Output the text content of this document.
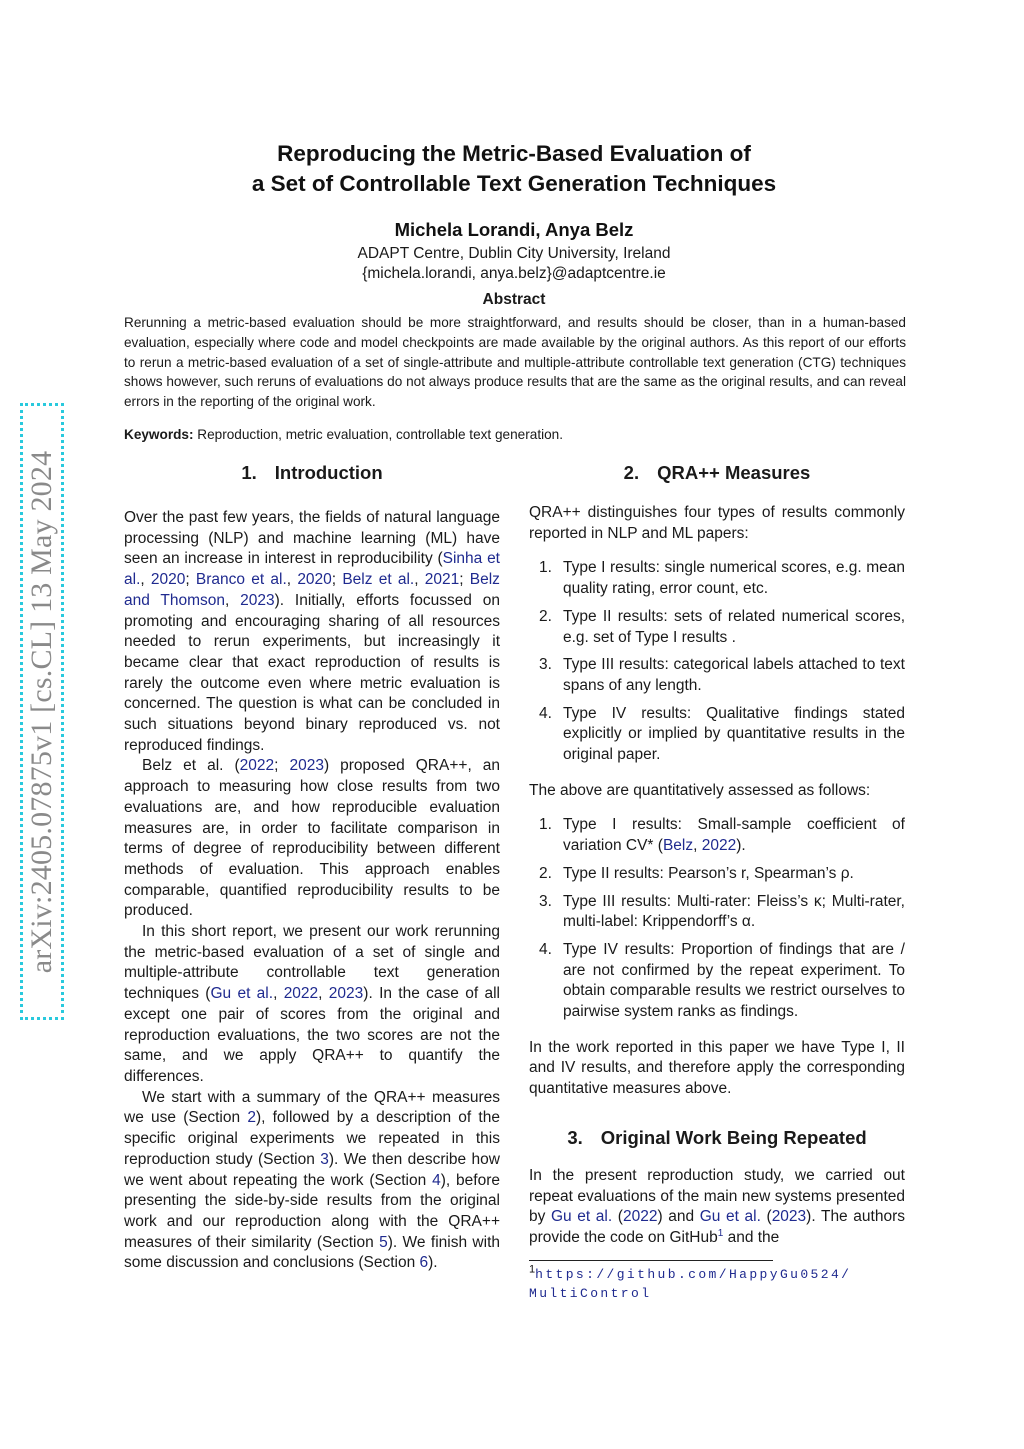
arXiv:2405.07875v1 [cs.CL] 13 May 2024
Reproducing the Metric-Based Evaluation of
a Set of Controllable Text Generation Techniques
Michela Lorandi, Anya Belz
ADAPT Centre, Dublin City University, Ireland
{michela.lorandi, anya.belz}@adaptcentre.ie
Abstract
Rerunning a metric-based evaluation should be more straightforward, and results should be closer, than in a human-based evaluation, especially where code and model checkpoints are made available by the original authors. As this report of our efforts to rerun a metric-based evaluation of a set of single-attribute and multiple-attribute controllable text generation (CTG) techniques shows however, such reruns of evaluations do not always produce results that are the same as the original results, and can reveal errors in the reporting of the original work.
Keywords: Reproduction, metric evaluation, controllable text generation.
1. Introduction

Over the past few years, the fields of natural language processing (NLP) and machine learning (ML) have seen an increase in interest in reproducibility (Sinha et al., 2020; Branco et al., 2020; Belz et al., 2021; Belz and Thomson, 2023). Initially, efforts focussed on promoting and encouraging sharing of all resources needed to rerun experiments, but increasingly it became clear that exact reproduction of results is rarely the outcome even where metric evaluation is concerned. The question is what can be concluded in such situations beyond binary reproduced vs. not reproduced findings.

Belz et al. (2022; 2023) proposed QRA++, an approach to measuring how close results from two evaluations are, and how reproducible evaluation measures are, in order to facilitate comparison in terms of degree of reproducibility between different methods of evaluation. This approach enables comparable, quantified reproducibility results to be produced.

In this short report, we present our work rerunning the metric-based evaluation of a set of single and multiple-attribute controllable text generation techniques (Gu et al., 2022, 2023). In the case of all except one pair of scores from the original and reproduction evaluations, the two scores are not the same, and we apply QRA++ to quantify the differences.

We start with a summary of the QRA++ measures we use (Section 2), followed by a description of the specific original experiments we repeated in this reproduction study (Section 3). We then describe how we went about repeating the work (Section 4), before presenting the side-by-side results from the original work and our reproduction along with the QRA++ measures of their similarity (Section 5). We finish with some discussion and conclusions (Section 6).

2. QRA++ Measures

QRA++ distinguishes four types of results commonly reported in NLP and ML papers:

1. Type I results: single numerical scores, e.g. mean quality rating, error count, etc.
2. Type II results: sets of related numerical scores, e.g. set of Type I results .
3. Type III results: categorical labels attached to text spans of any length.
4. Type IV results: Qualitative findings stated explicitly or implied by quantitative results in the original paper.

The above are quantitatively assessed as follows:

1. Type I results: Small-sample coefficient of variation CV* (Belz, 2022).
2. Type II results: Pearson’s r, Spearman’s ρ.
3. Type III results: Multi-rater: Fleiss’s κ; Multi-rater, multi-label: Krippendorff’s α.
4. Type IV results: Proportion of findings that are / are not confirmed by the repeat experiment. To obtain comparable results we restrict ourselves to pairwise system ranks as findings.

In the work reported in this paper we have Type I, II and IV results, and therefore apply the corresponding quantitative measures above.

3. Original Work Being Repeated

In the present reproduction study, we carried out repeat evaluations of the main new systems presented by Gu et al. (2022) and Gu et al. (2023). The authors provide the code on GitHub$^1$ and the

$^1$https://github.com/HappyGu0524/
MultiControl
